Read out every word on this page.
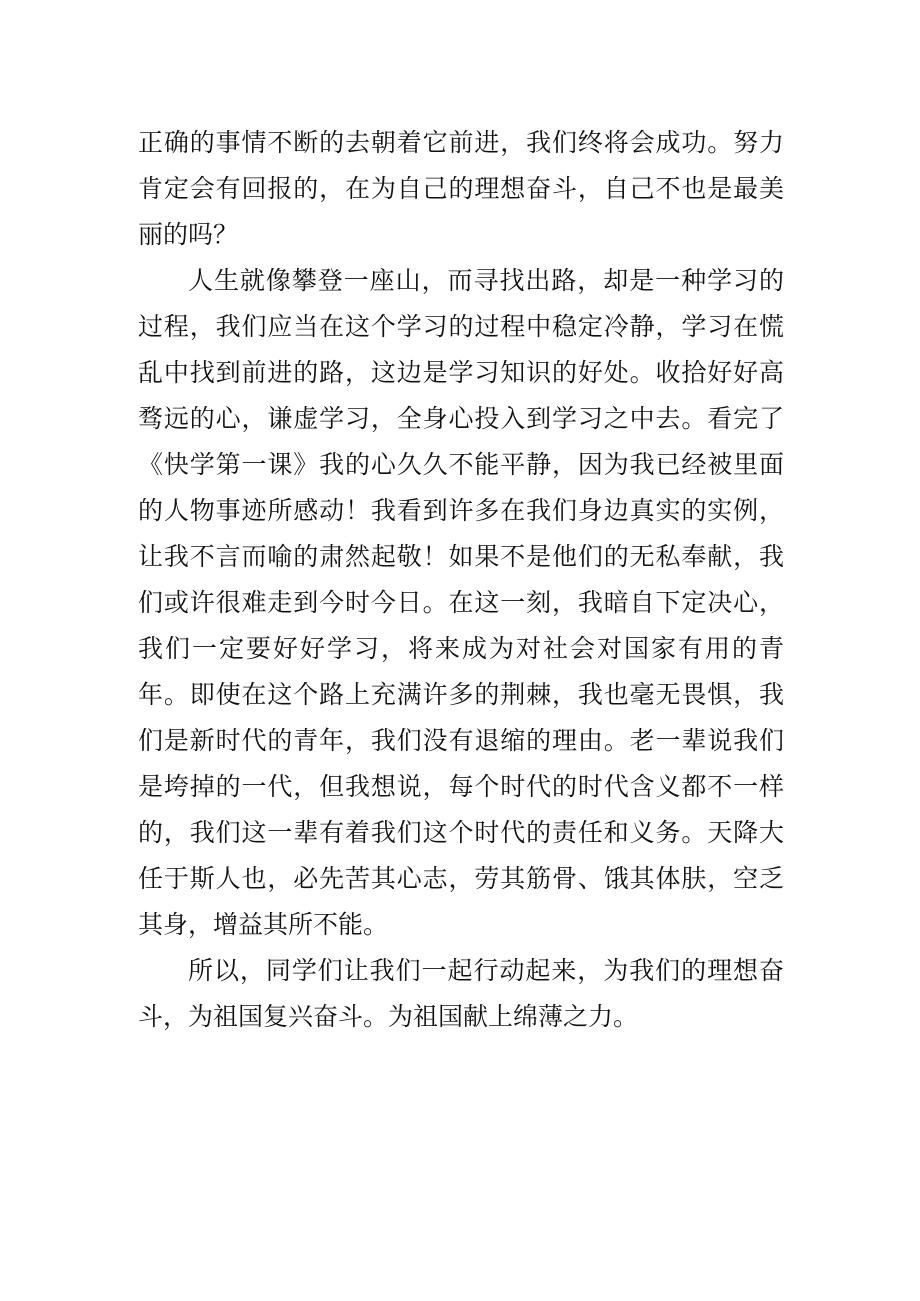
正确的事情不断的去朝着它前进，我们终将会成功。努力肯定会有回报的，在为自己的理想奋斗，自己不也是最美丽的吗？

人生就像攀登一座山，而寻找出路，却是一种学习的过程，我们应当在这个学习的过程中稳定冷静，学习在慌乱中找到前进的路，这边是学习知识的好处。收拾好好高骛远的心，谦虚学习，全身心投入到学习之中去。看完了《快学第一课》我的心久久不能平静，因为我已经被里面的人物事迹所感动！我看到许多在我们身边真实的实例，让我不言而喻的肃然起敬！如果不是他们的无私奉献，我们或许很难走到今时今日。在这一刻，我暗自下定决心，我们一定要好好学习，将来成为对社会对国家有用的青年。即使在这个路上充满许多的荆棘，我也毫无畏惧，我们是新时代的青年，我们没有退缩的理由。老一辈说我们是垮掉的一代，但我想说，每个时代的时代含义都不一样的，我们这一辈有着我们这个时代的责任和义务。天降大任于斯人也，必先苦其心志，劳其筋骨、饿其体肤，空乏其身，增益其所不能。

所以，同学们让我们一起行动起来，为我们的理想奋斗，为祖国复兴奋斗。为祖国献上绵薄之力。
